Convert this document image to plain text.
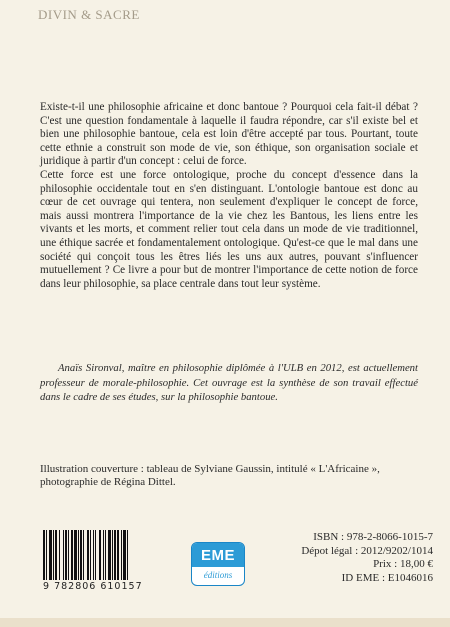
DIVIN & SACRE

Existe-t-il une philosophie africaine et donc bantoue ? Pourquoi cela fait-il débat ? C'est une question fondamentale à laquelle il faudra répondre, car s'il existe bel et bien une philosophie bantoue, cela est loin d'être accepté par tous. Pourtant, toute cette ethnie a construit son mode de vie, son éthique, son organisation sociale et juridique à partir d'un concept : celui de force.

Cette force est une force ontologique, proche du concept d'essence dans la philosophie occidentale tout en s'en distinguant. L'ontologie bantoue est donc au cœur de cet ouvrage qui tentera, non seulement d'expliquer le concept de force, mais aussi montrera l'importance de la vie chez les Bantous, les liens entre les vivants et les morts, et comment relier tout cela dans un mode de vie traditionnel, une éthique sacrée et fondamentalement ontologique. Qu'est-ce que le mal dans une société qui conçoit tous les êtres liés les uns aux autres, pouvant s'influencer mutuellement ? Ce livre a pour but de montrer l'importance de cette notion de force dans leur philosophie, sa place centrale dans tout leur système.

Anaïs Sironval, maître en philosophie diplômée à l'ULB en 2012, est actuellement professeur de morale-philosophie. Cet ouvrage est la synthèse de son travail effectué dans le cadre de ses études, sur la philosophie bantoue.
Illustration couverture : tableau de Sylviane Gaussin, intitulé « L'Africaine »,
photographie de Régina Dittel.
9 782806 610157
EME
éditions
ISBN : 978-2-8066-1015-7
Dépot légal : 2012/9202/1014
Prix : 18,00 €
ID EME : E1046016
